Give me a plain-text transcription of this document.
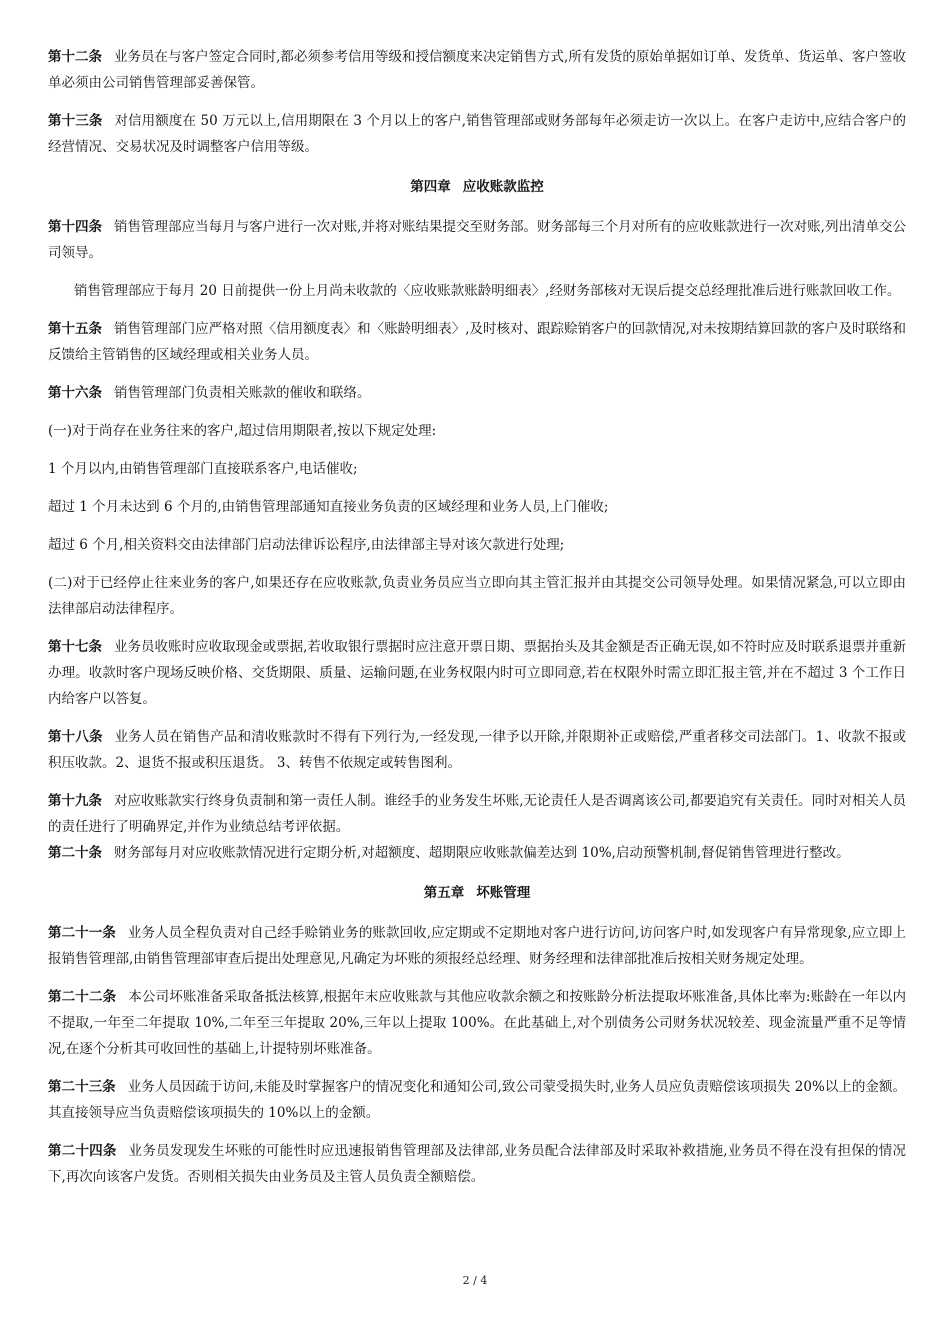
第十二条 业务员在与客户签定合同时,都必须参考信用等级和授信额度来决定销售方式,所有发货的原始单据如订单、发货单、货运单、客户签收单必须由公司销售管理部妥善保管。

第十三条 对信用额度在 50 万元以上,信用期限在 3 个月以上的客户,销售管理部或财务部每年必须走访一次以上。在客户走访中,应结合客户的经营情况、交易状况及时调整客户信用等级。

第四章 应收账款监控

第十四条 销售管理部应当每月与客户进行一次对账,并将对账结果提交至财务部。财务部每三个月对所有的应收账款进行一次对账,列出清单交公司领导。

销售管理部应于每月 20 日前提供一份上月尚未收款的〈应收账款账龄明细表〉,经财务部核对无误后提交总经理批准后进行账款回收工作。

第十五条 销售管理部门应严格对照〈信用额度表〉和〈账龄明细表〉,及时核对、跟踪赊销客户的回款情况,对未按期结算回款的客户及时联络和反馈给主管销售的区域经理或相关业务人员。

第十六条 销售管理部门负责相关账款的催收和联络。

(一)对于尚存在业务往来的客户,超过信用期限者,按以下规定处理:

1 个月以内,由销售管理部门直接联系客户,电话催收;

超过 1 个月未达到 6 个月的,由销售管理部通知直接业务负责的区域经理和业务人员,上门催收;

超过 6 个月,相关资料交由法律部门启动法律诉讼程序,由法律部主导对该欠款进行处理;

(二)对于已经停止往来业务的客户,如果还存在应收账款,负责业务员应当立即向其主管汇报并由其提交公司领导处理。如果情况紧急,可以立即由法律部启动法律程序。

第十七条 业务员收账时应收取现金或票据,若收取银行票据时应注意开票日期、票据抬头及其金额是否正确无误,如不符时应及时联系退票并重新办理。收款时客户现场反映价格、交货期限、质量、运输问题,在业务权限内时可立即同意,若在权限外时需立即汇报主管,并在不超过 3 个工作日内给客户以答复。

第十八条 业务人员在销售产品和清收账款时不得有下列行为,一经发现,一律予以开除,并限期补正或赔偿,严重者移交司法部门。1、收款不报或积压收款。2、退货不报或积压退货。 3、转售不依规定或转售图利。

第十九条 对应收账款实行终身负责制和第一责任人制。谁经手的业务发生坏账,无论责任人是否调离该公司,都要追究有关责任。同时对相关人员的责任进行了明确界定,并作为业绩总结考评依据。

第二十条 财务部每月对应收账款情况进行定期分析,对超额度、超期限应收账款偏差达到 10%,启动预警机制,督促销售管理进行整改。

第五章 坏账管理

第二十一条 业务人员全程负责对自己经手赊销业务的账款回收,应定期或不定期地对客户进行访问,访问客户时,如发现客户有异常现象,应立即上报销售管理部,由销售管理部审查后提出处理意见,凡确定为坏账的须报经总经理、财务经理和法律部批准后按相关财务规定处理。

第二十二条 本公司坏账准备采取备抵法核算,根据年末应收账款与其他应收款余额之和按账龄分析法提取坏账准备,具体比率为:账龄在一年以内不提取,一年至二年提取 10%,二年至三年提取 20%,三年以上提取 100%。在此基础上,对个别债务公司财务状况较差、现金流量严重不足等情况,在逐个分析其可收回性的基础上,计提特别坏账准备。

第二十三条 业务人员因疏于访问,未能及时掌握客户的情况变化和通知公司,致公司蒙受损失时,业务人员应负责赔偿该项损失 20%以上的金额。其直接领导应当负责赔偿该项损失的 10%以上的金额。

第二十四条 业务员发现发生坏账的可能性时应迅速报销售管理部及法律部,业务员配合法律部及时采取补救措施,业务员不得在没有担保的情况下,再次向该客户发货。否则相关损失由业务员及主管人员负责全额赔偿。

2 / 4
